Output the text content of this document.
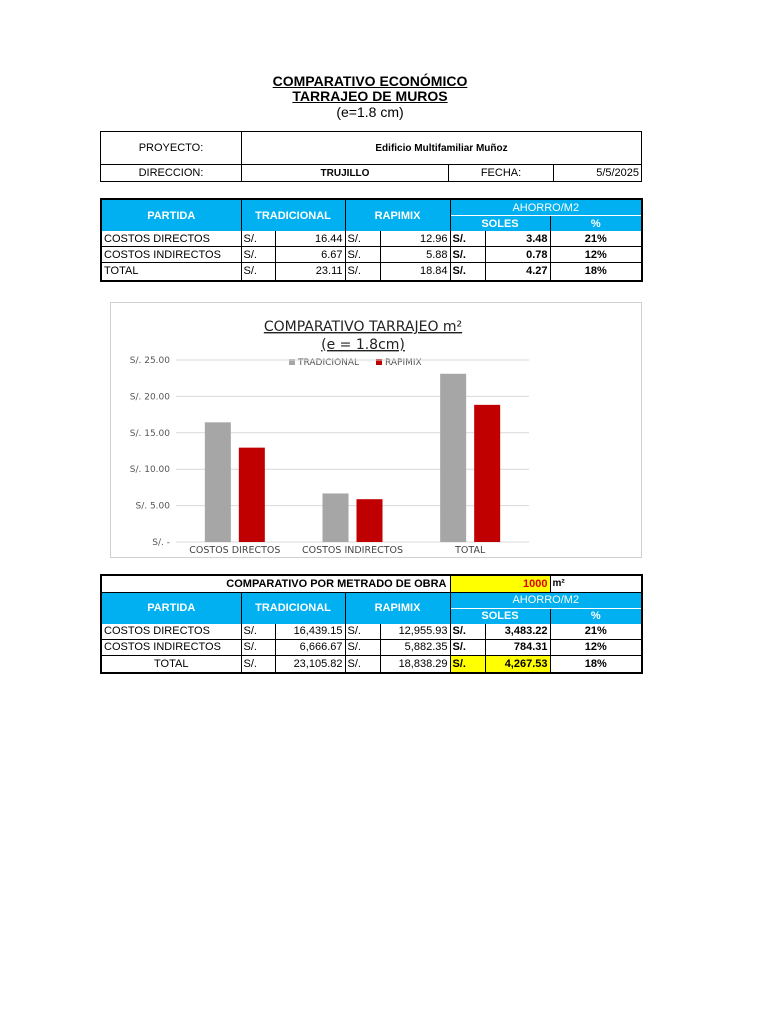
COMPARATIVO ECONÓMICO
TARRAJEO DE MUROS
(e=1.8 cm)
PROYECTO:	Edificio Multifamiliar Muñoz		
DIRECCION:	TRUJILLO	FECHA:	5/5/2025
PARTIDA	TRADICIONAL		RAPIMIX		AHORRO/M2		
					SOLES		%
COSTOS DIRECTOS	S/.	16.44	S/.	12.96	S/.	3.48	21%
COSTOS INDIRECTOS	S/.	6.67	S/.	5.88	S/.	0.78	12%
TOTAL	S/.	23.11	S/.	18.84	S/.	4.27	18%
COMPARATIVO TARRAJEO m²
(e = 1.8cm)
TRADICIONAL	RAPIMIX
S/. -
S/. 5.00
S/. 10.00
S/. 15.00
S/. 20.00
S/. 25.00
COSTOS DIRECTOS COSTOS INDIRECTOS	TOTAL
COMPARATIVO POR METRADO DE OBRA					1000		m²
PARTIDA	TRADICIONAL		RAPIMIX		AHORRO/M2		
					SOLES		%
COSTOS DIRECTOS	S/.	16,439.15	S/.	12,955.93	S/.	3,483.22	21%
COSTOS INDIRECTOS	S/.	6,666.67	S/.	5,882.35	S/.	784.31	12%
TOTAL	S/.	23,105.82	S/.	18,838.29	S/.	4,267.53	18%
